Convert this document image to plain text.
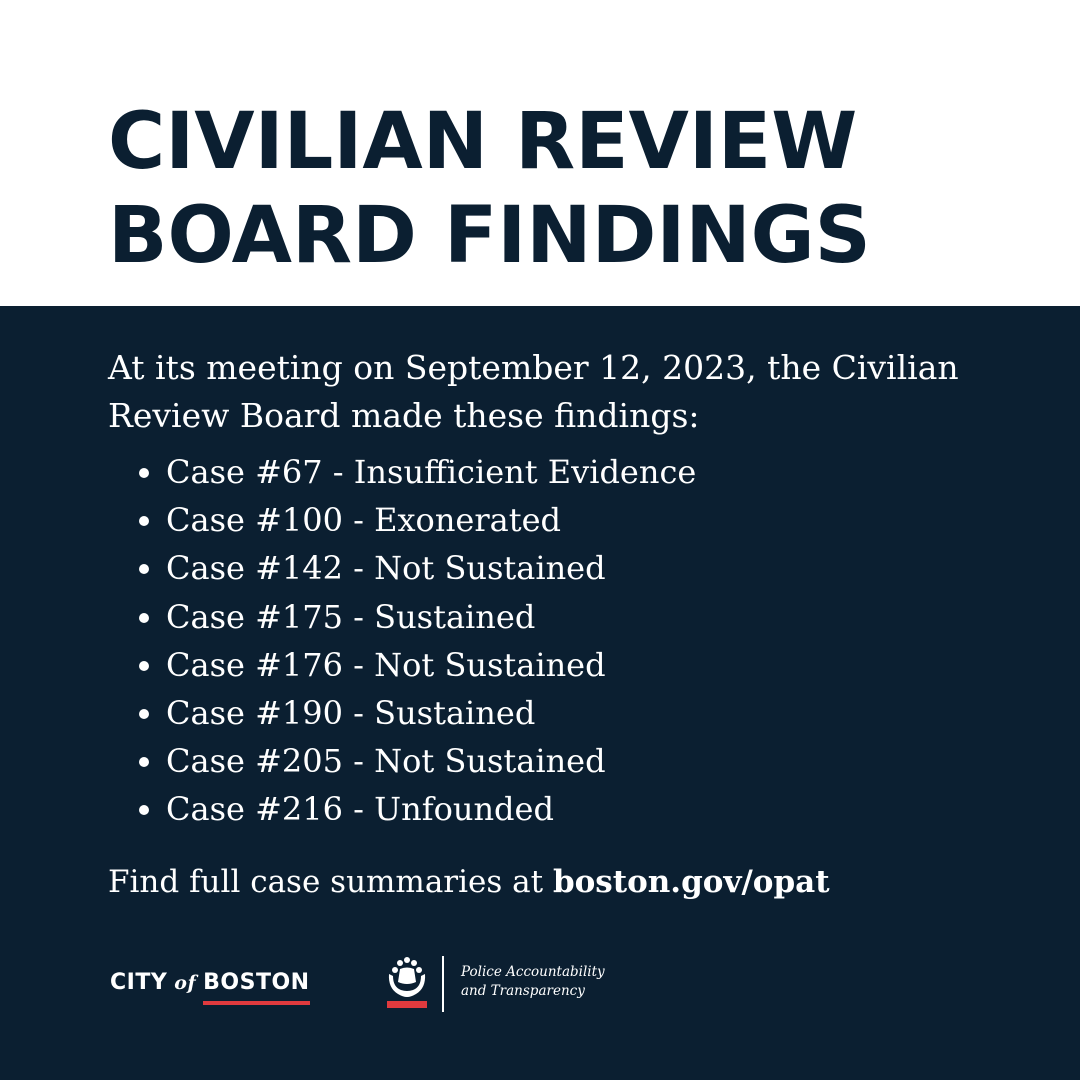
CIVILIAN REVIEW
BOARD FINDINGS

At its meeting on September 12, 2023, the Civilian Review Board made these findings:

Case #67 - Insufficient Evidence
Case #100 - Exonerated
Case #142 - Not Sustained
Case #175 - Sustained
Case #176 - Not Sustained
Case #190 - Sustained
Case #205 - Not Sustained
Case #216 - Unfounded

Find full case summaries at boston.gov/opat

CITY of BOSTON	Police Accountability
and Transparency
